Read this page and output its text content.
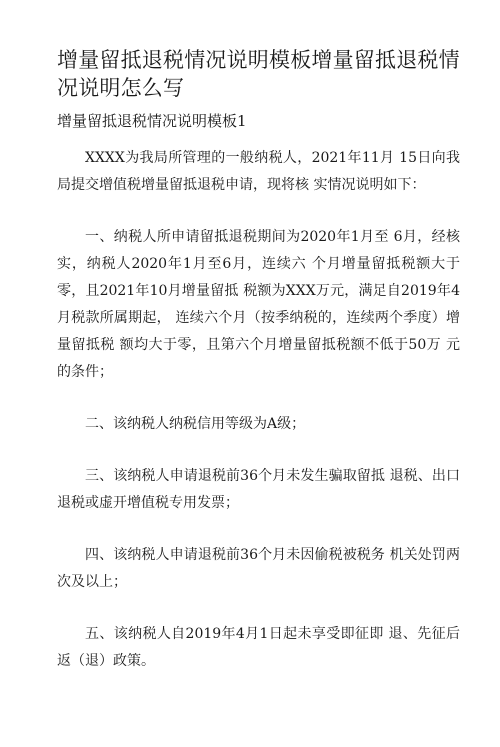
增量留抵退税情况说明模板增量留抵退税情况说明怎么写
增量留抵退税情况说明模板1

XXXX为我局所管理的一般纳税人，2021年11月 15日向我局提交增值税增量留抵退税申请，现将核 实情况说明如下：

一、纳税人所申请留抵退税期间为2020年1月至 6月，经核实，纳税人2020年1月至6月，连续六 个月增量留抵税额大于零，且2021年10月增量留抵 税额为XXX万元，满足自2019年4月税款所属期起， 连续六个月（按季纳税的，连续两个季度）增量留抵税 额均大于零，且第六个月增量留抵税额不低于50万 元的条件；

二、该纳税人纳税信用等级为A级；

三、该纳税人申请退税前36个月未发生骗取留抵 退税、出口退税或虚开增值税专用发票；

四、该纳税人申请退税前36个月未因偷税被税务 机关处罚两次及以上；

五、该纳税人自2019年4月1日起未享受即征即 退、先征后返（退）政策。
